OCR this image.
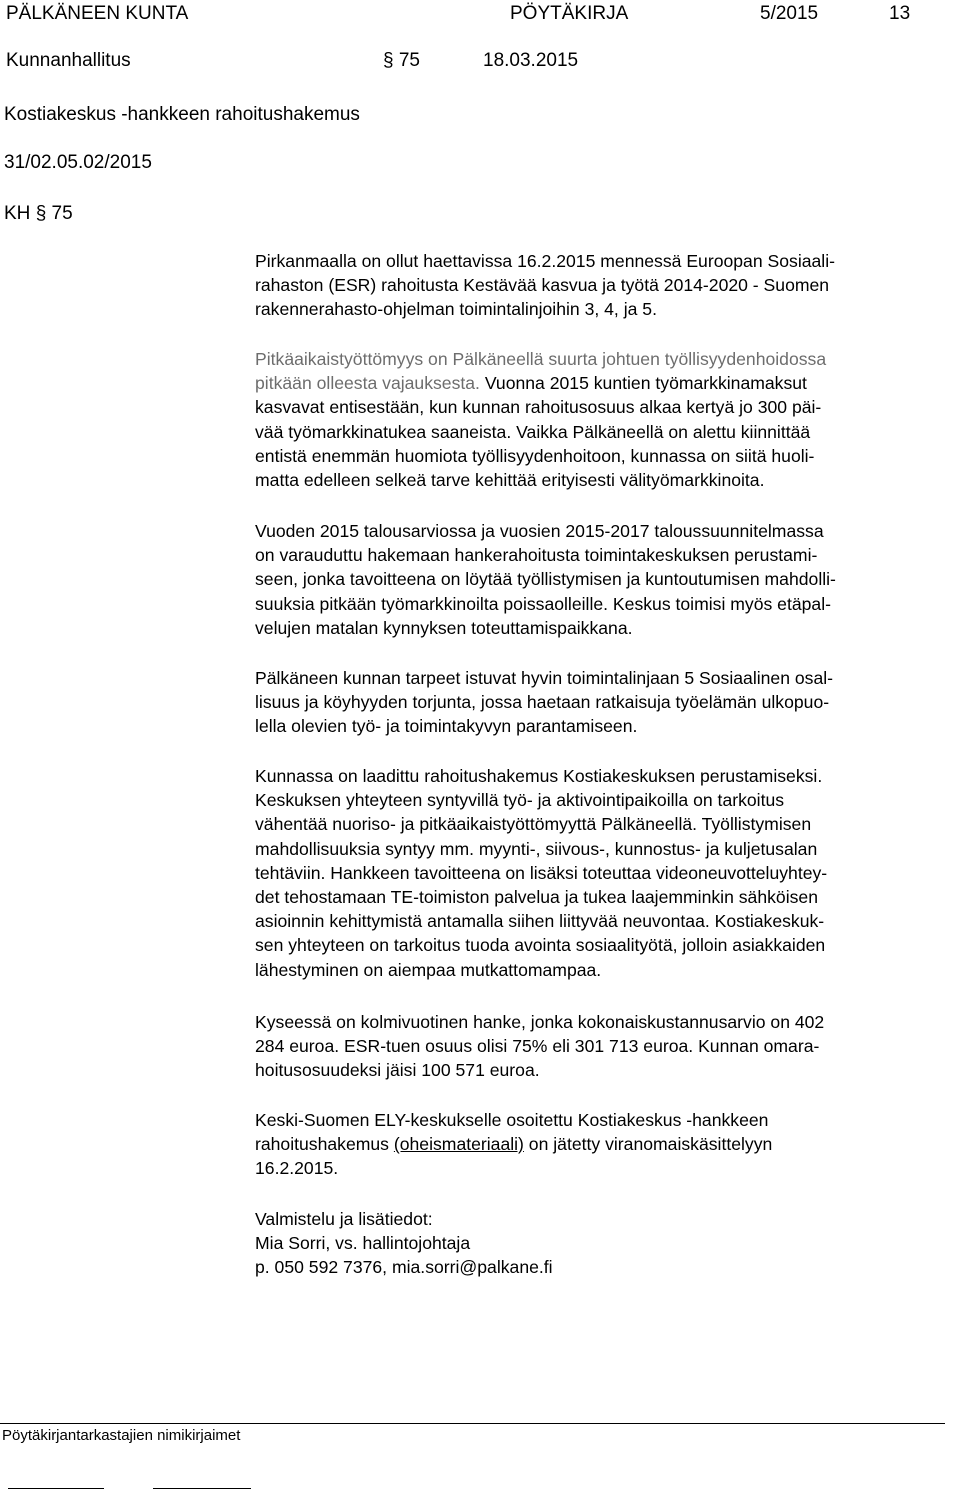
PÄLKÄNEEN KUNTA	PÖYTÄKIRJA	5/2015	13
Kunnanhallitus	§ 75	18.03.2015
Kostiakeskus -hankkeen rahoitushakemus
31/02.05.02/2015
KH § 75
Pirkanmaalla on ollut haettavissa 16.2.2015 mennessä Euroopan Sosiaali-
rahaston (ESR) rahoitusta Kestävää kasvua ja työtä 2014-2020 - Suomen
rakennerahasto-ohjelman toimintalinjoihin 3, 4, ja 5.
Pitkäaikaistyöttömyys on Pälkäneellä suurta johtuen työllisyydenhoidossa
pitkään olleesta vajauksesta. Vuonna 2015 kuntien työmarkkinamaksut
kasvavat entisestään, kun kunnan rahoitusosuus alkaa kertyä jo 300 päi-
vää työmarkkinatukea saaneista. Vaikka Pälkäneellä on alettu kiinnittää
entistä enemmän huomiota työllisyydenhoitoon, kunnassa on siitä huoli-
matta edelleen selkeä tarve kehittää erityisesti välityömarkkinoita.
Vuoden 2015 talousarviossa ja vuosien 2015-2017 taloussuunnitelmassa
on varauduttu hakemaan hankerahoitusta toimintakeskuksen perustami-
seen, jonka tavoitteena on löytää työllistymisen ja kuntoutumisen mahdolli-
suuksia pitkään työmarkkinoilta poissaolleille. Keskus toimisi myös etäpal-
velujen matalan kynnyksen toteuttamispaikkana.
Pälkäneen kunnan tarpeet istuvat hyvin toimintalinjaan 5 Sosiaalinen osal-
lisuus ja köyhyyden torjunta, jossa haetaan ratkaisuja työelämän ulkopuo-
lella olevien työ- ja toimintakyvyn parantamiseen.
Kunnassa on laadittu rahoitushakemus Kostiakeskuksen perustamiseksi.
Keskuksen yhteyteen syntyvillä työ- ja aktivointipaikoilla on tarkoitus
vähentää nuoriso- ja pitkäaikaistyöttömyyttä Pälkäneellä. Työllistymisen
mahdollisuuksia syntyy mm. myynti-, siivous-, kunnostus- ja kuljetusalan
tehtäviin. Hankkeen tavoitteena on lisäksi toteuttaa videoneuvotteluyhtey-
det tehostamaan TE-toimiston palvelua ja tukea laajemminkin sähköisen
asioinnin kehittymistä antamalla siihen liittyvää neuvontaa. Kostiakeskuk-
sen yhteyteen on tarkoitus tuoda avointa sosiaalityötä, jolloin asiakkaiden
lähestyminen on aiempaa mutkattomampaa.
Kyseessä on kolmivuotinen hanke, jonka kokonaiskustannusarvio on 402
284 euroa. ESR-tuen osuus olisi 75% eli 301 713 euroa. Kunnan omara-
hoitusosuudeksi jäisi 100 571 euroa.
Keski-Suomen ELY-keskukselle osoitettu Kostiakeskus -hankkeen
rahoitushakemus (oheismateriaali) on jätetty viranomaiskäsittelyyn
16.2.2015.
Valmistelu ja lisätiedot:
Mia Sorri, vs. hallintojohtaja
p. 050 592 7376, mia.sorri@palkane.fi
Pöytäkirjantarkastajien nimikirjaimet
